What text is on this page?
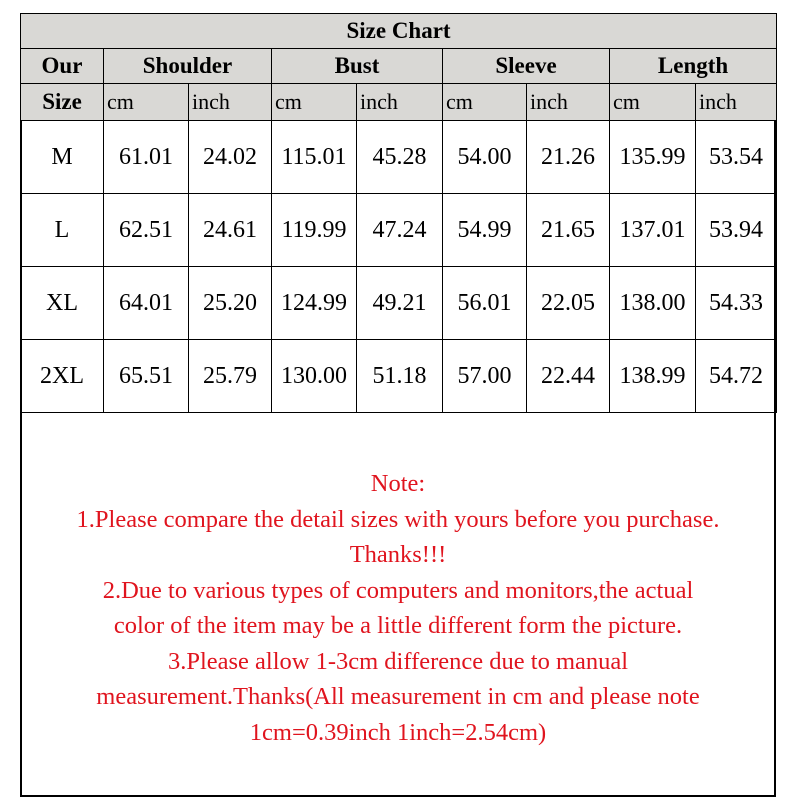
Size Chart								
Our	Shoulder		Bust		Sleeve		Length	
Size	cm	inch	cm	inch	cm	inch	cm	inch
M	61.01	24.02	115.01	45.28	54.00	21.26	135.99	53.54
L	62.51	24.61	119.99	47.24	54.99	21.65	137.01	53.94
XL	64.01	25.20	124.99	49.21	56.01	22.05	138.00	54.33
2XL	65.51	25.79	130.00	51.18	57.00	22.44	138.99	54.72
Note:
1.Please compare the detail sizes with yours before you purchase.
Thanks!!!
2.Due to various types of computers and monitors,the actual
color of the item may be a little different form the picture.
3.Please allow 1-3cm difference due to manual
measurement.Thanks(All measurement in cm and please note
1cm=0.39inch 1inch=2.54cm)
